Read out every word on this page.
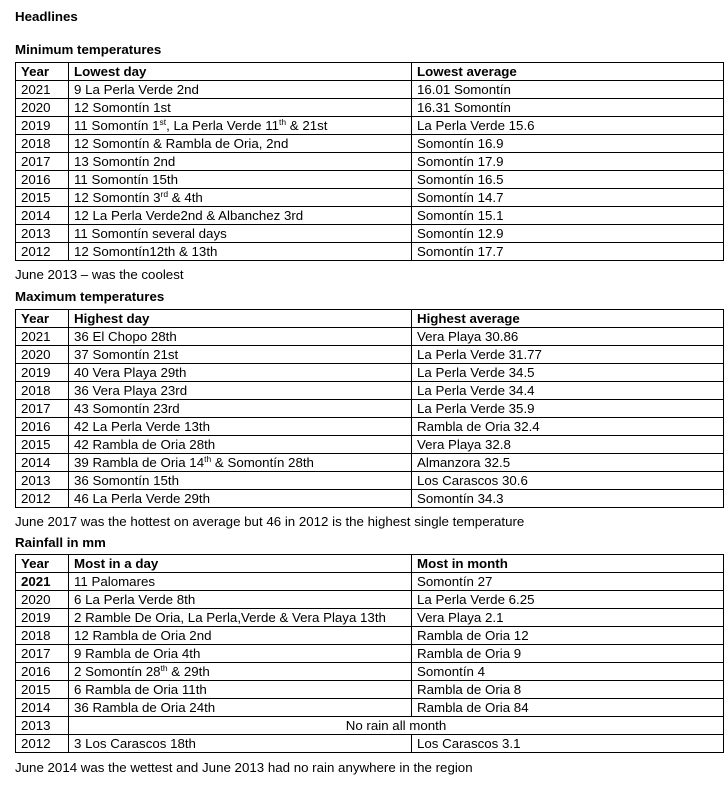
Headlines
Minimum temperatures
Year	Lowest day	Lowest average
2021	9 La Perla Verde 2nd	16.01 Somontín
2020	12 Somontín 1st	16.31 Somontín
2019	11 Somontín 1st, La Perla Verde 11th & 21st	La Perla Verde 15.6
2018	12 Somontín & Rambla de Oria, 2nd	Somontín 16.9
2017	13 Somontín 2nd	Somontín 17.9
2016	11 Somontín 15th	Somontín 16.5
2015	12 Somontín 3rd & 4th	Somontín 14.7
2014	12 La Perla Verde2nd & Albanchez 3rd	Somontín 15.1
2013	11 Somontín several days	Somontín 12.9
2012	12 Somontín12th & 13th	Somontín 17.7
June 2013 – was the coolest
Maximum temperatures
Year	Highest day	Highest average
2021	36 El Chopo 28th	Vera Playa 30.86
2020	37 Somontín 21st	La Perla Verde 31.77
2019	40 Vera Playa 29th	La Perla Verde 34.5
2018	36 Vera Playa 23rd	La Perla Verde 34.4
2017	43 Somontín 23rd	La Perla Verde 35.9
2016	42 La Perla Verde 13th	Rambla de Oria 32.4
2015	42 Rambla de Oria 28th	Vera Playa 32.8
2014	39 Rambla de Oria 14th & Somontín 28th	Almanzora 32.5
2013	36 Somontín 15th	Los Carascos 30.6
2012	46 La Perla Verde 29th	Somontín 34.3
June 2017 was the hottest on average but 46 in 2012 is the highest single temperature
Rainfall in mm
Year	Most in a day	Most in month
2021	11 Palomares	Somontín 27
2020	6 La Perla Verde 8th	La Perla Verde 6.25
2019	2 Ramble De Oria, La Perla,Verde & Vera Playa 13th	Vera Playa 2.1
2018	12 Rambla de Oria 2nd	Rambla de Oria 12
2017	9 Rambla de Oria 4th	Rambla de Oria 9
2016	2 Somontín 28th & 29th	Somontín 4
2015	6 Rambla de Oria 11th	Rambla de Oria 8
2014	36 Rambla de Oria 24th	Rambla de Oria 84
2013	No rain all month	
2012	3 Los Carascos 18th	Los Carascos 3.1
June 2014 was the wettest and June 2013 had no rain anywhere in the region
